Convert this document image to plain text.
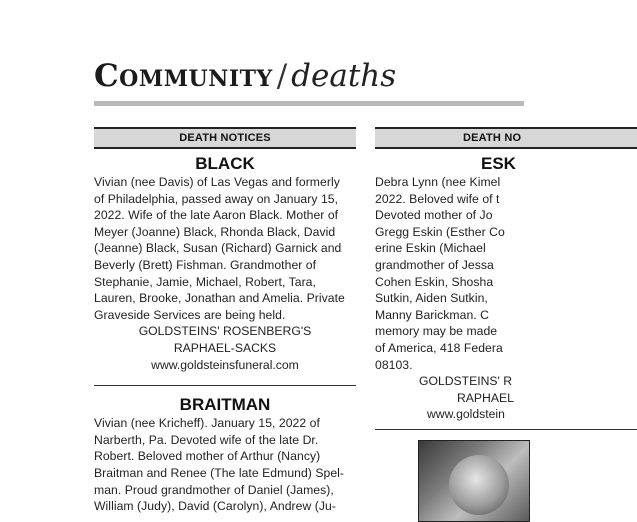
Community / deaths
DEATH NOTICES
BLACK
Vivian (nee Davis) of Las Vegas and formerly
of Philadelphia, passed away on January 15,
2022. Wife of the late Aaron Black. Mother of
Meyer (Joanne) Black, Rhonda Black, David
(Jeanne) Black, Susan (Richard) Garnick and
Beverly (Brett) Fishman. Grandmother of
Stephanie, Jamie, Michael, Robert, Tara,
Lauren, Brooke, Jonathan and Amelia. Private
Graveside Services are being held.
GOLDSTEINS' ROSENBERG'S
RAPHAEL-SACKS
www.goldsteinsfuneral.com
BRAITMAN
Vivian (nee Kricheff). January 15, 2022 of
Narberth, Pa. Devoted wife of the late Dr.
Robert. Beloved mother of Arthur (Nancy)
Braitman and Renee (The late Edmund) Spel-
man. Proud grandmother of Daniel (James),
William (Judy), David (Carolyn), Andrew (Ju-
DEATH NO
ESK
Debra Lynn (nee Kimel
2022. Beloved wife of t
Devoted mother of Jo
Gregg Eskin (Esther Co
erine Eskin (Michael
grandmother of Jessa
Cohen Eskin, Shosha
Sutkin, Aiden Sutkin,
Manny Barickman. C
memory may be made
of America, 418 Federa
08103.
GOLDSTEINS' R
RAPHAEL
www.goldstein
